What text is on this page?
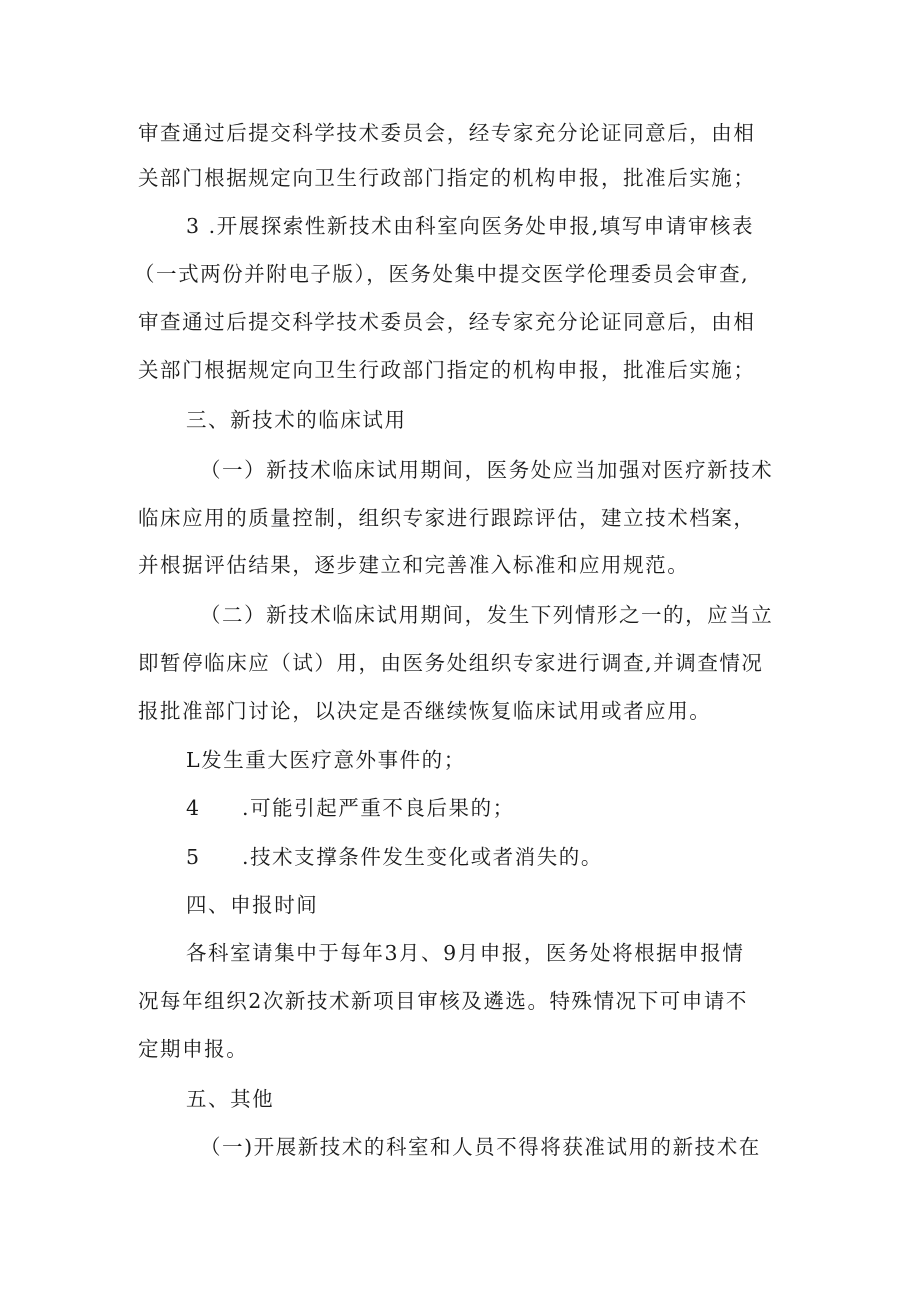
审查通过后提交科学技术委员会，经专家充分论证同意后，由相
关部门根据规定向卫生行政部门指定的机构申报，批准后实施；
3 .开展探索性新技术由科室向医务处申报,填写申请审核表
（一式两份并附电子版），医务处集中提交医学伦理委员会审查,
审查通过后提交科学技术委员会，经专家充分论证同意后，由相
关部门根据规定向卫生行政部门指定的机构申报，批准后实施；
三、新技术的临床试用
（一）新技术临床试用期间，医务处应当加强对医疗新技术
临床应用的质量控制，组织专家进行跟踪评估，建立技术档案，
并根据评估结果，逐步建立和完善准入标准和应用规范。
（二）新技术临床试用期间，发生下列情形之一的，应当立
即暂停临床应（试）用，由医务处组织专家进行调查,并调查情况
报批准部门讨论，以决定是否继续恢复临床试用或者应用。
L发生重大医疗意外事件的；
4 .可能引起严重不良后果的；
5 .技术支撑条件发生变化或者消失的。
四、申报时间
各科室请集中于每年3月、9月申报，医务处将根据申报情
况每年组织2次新技术新项目审核及遴选。特殊情况下可申请不
定期申报。
五、其他
（一)开展新技术的科室和人员不得将获准试用的新技术在
